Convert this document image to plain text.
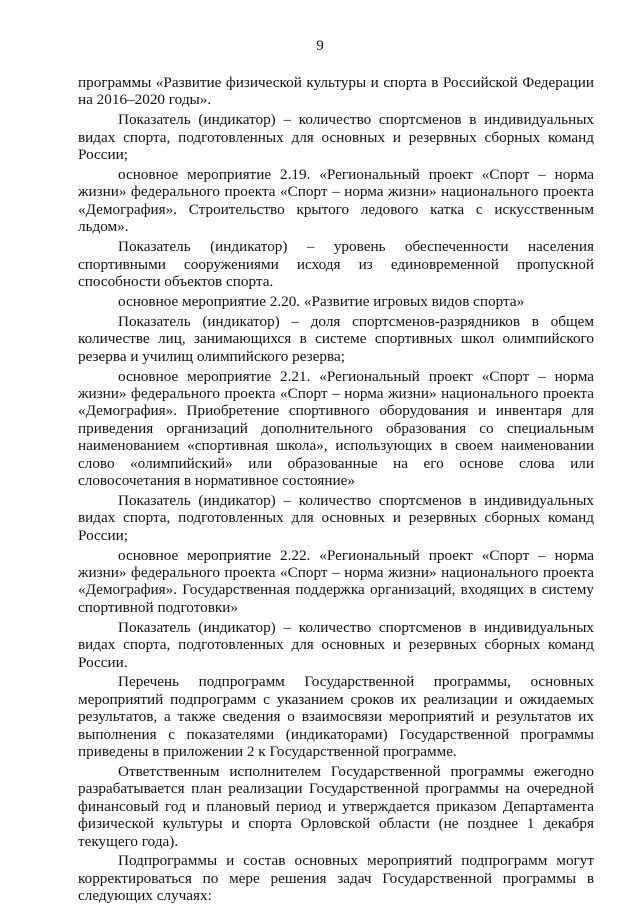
9

программы «Развитие физической культуры и спорта в Российской Федерации на 2016–2020 годы».

Показатель (индикатор) – количество спортсменов в индивидуальных видах спорта, подготовленных для основных и резервных сборных команд России;

основное мероприятие 2.19. «Региональный проект «Спорт – норма жизни» федерального проекта «Спорт – норма жизни» национального проекта «Демография». Строительство крытого ледового катка с искусственным льдом».

Показатель (индикатор) – уровень обеспеченности населения спортивными сооружениями исходя из единовременной пропускной способности объектов спорта.

основное мероприятие 2.20. «Развитие игровых видов спорта»

Показатель (индикатор) – доля спортсменов-разрядников в общем количестве лиц, занимающихся в системе спортивных школ олимпийского резерва и училищ олимпийского резерва;

основное мероприятие 2.21. «Региональный проект «Спорт – норма жизни» федерального проекта «Спорт – норма жизни» национального проекта «Демография». Приобретение спортивного оборудования и инвентаря для приведения организаций дополнительного образования со специальным наименованием «спортивная школа», использующих в своем наименовании слово «олимпийский» или образованные на его основе слова или словосочетания в нормативное состояние»

Показатель (индикатор) – количество спортсменов в индивидуальных видах спорта, подготовленных для основных и резервных сборных команд России;

основное мероприятие 2.22. «Региональный проект «Спорт – норма жизни» федерального проекта «Спорт – норма жизни» национального проекта «Демография». Государственная поддержка организаций, входящих в систему спортивной подготовки»

Показатель (индикатор) – количество спортсменов в индивидуальных видах спорта, подготовленных для основных и резервных сборных команд России.

Перечень подпрограмм Государственной программы, основных мероприятий подпрограмм с указанием сроков их реализации и ожидаемых результатов, а также сведения о взаимосвязи мероприятий и результатов их выполнения с показателями (индикаторами) Государственной программы приведены в приложении 2 к Государственной программе.

Ответственным исполнителем Государственной программы ежегодно разрабатывается план реализации Государственной программы на очередной финансовый год и плановый период и утверждается приказом Департамента физической культуры и спорта Орловской области (не позднее 1 декабря текущего года).

Подпрограммы и состав основных мероприятий подпрограмм могут корректироваться по мере решения задач Государственной программы в следующих случаях:
